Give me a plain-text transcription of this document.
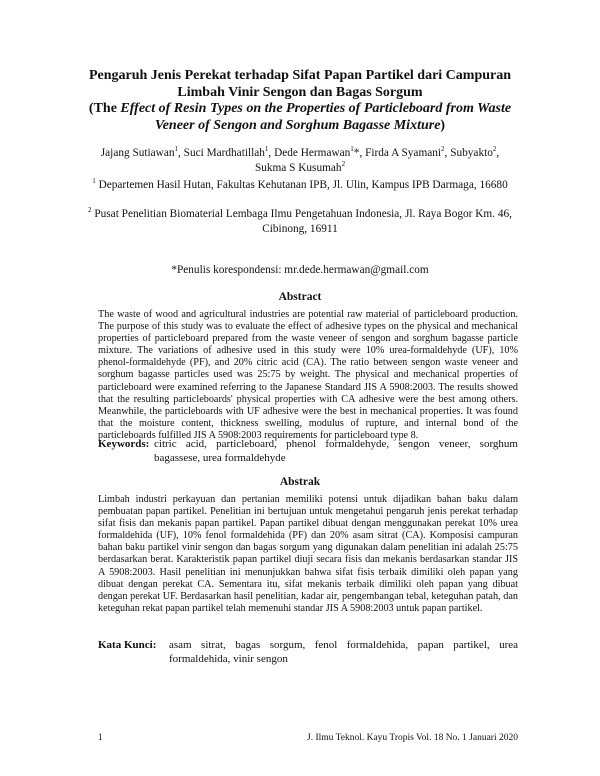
Pengaruh Jenis Perekat terhadap Sifat Papan Partikel dari Campuran
Limbah Vinir Sengon dan Bagas Sorgum
(The Effect of Resin Types on the Properties of Particleboard from Waste Veneer of Sengon and Sorghum Bagasse Mixture)
Jajang Sutiawan$^1$, Suci Mardhatillah$^1$, Dede Hermawan$^1$*, Firda A Syamani$^2$, Subyakto$^2$,
Sukma S Kusumah$^2$
$^1$ Departemen Hasil Hutan, Fakultas Kehutanan IPB, Jl. Ulin, Kampus IPB Darmaga, 16680
$^2$ Pusat Penelitian Biomaterial Lembaga Ilmu Pengetahuan Indonesia, Jl. Raya Bogor Km. 46, Cibinong, 16911
*Penulis korespondensi: mr.dede.hermawan@gmail.com
Abstract
The waste of wood and agricultural industries are potential raw material of particleboard production. The purpose of this study was to evaluate the effect of adhesive types on the physical and mechanical properties of particleboard prepared from the waste veneer of sengon and sorghum bagasse particle mixture. The variations of adhesive used in this study were 10% urea-formaldehyde (UF), 10% phenol-formaldehyde (PF), and 20% citric acid (CA). The ratio between sengon waste veneer and sorghum bagasse particles used was 25:75 by weight. The physical and mechanical properties of particleboard were examined referring to the Japanese Standard JIS A 5908:2003. The results showed that the resulting particleboards' physical properties with CA adhesive were the best among others. Meanwhile, the particleboards with UF adhesive were the best in mechanical properties. It was found that the moisture content, thickness swelling, modulus of rupture, and internal bond of the particleboards fulfilled JIS A 5908:2003 requirements for particleboard type 8.
Keywords: citric acid, particleboard, phenol formaldehyde, sengon veneer, sorghum bagassese, urea formaldehyde
Abstrak
Limbah industri perkayuan dan pertanian memiliki potensi untuk dijadikan bahan baku dalam pembuatan papan partikel. Penelitian ini bertujuan untuk mengetahui pengaruh jenis perekat terhadap sifat fisis dan mekanis papan partikel. Papan partikel dibuat dengan menggunakan perekat 10% urea formaldehida (UF), 10% fenol formaldehida (PF) dan 20% asam sitrat (CA). Komposisi campuran bahan baku partikel vinir sengon dan bagas sorgum yang digunakan dalam penelitian ini adalah 25:75 berdasarkan berat. Karakteristik papan partikel diuji secara fisis dan mekanis berdasarkan standar JIS A 5908:2003. Hasil penelitian ini menunjukkan bahwa sifat fisis terbaik dimiliki oleh papan yang dibuat dengan perekat CA. Sementara itu, sifat mekanis terbaik dimiliki oleh papan yang dibuat dengan perekat UF. Berdasarkan hasil penelitian, kadar air, pengembangan tebal, keteguhan patah, dan keteguhan rekat papan partikel telah memenuhi standar JIS A 5908:2003 untuk papan partikel.
Kata Kunci:	asam sitrat, bagas sorgum, fenol formaldehida, papan partikel, urea formaldehida, vinir sengon
1	J. Ilmu Teknol. Kayu Tropis Vol. 18 No. 1 Januari 2020
